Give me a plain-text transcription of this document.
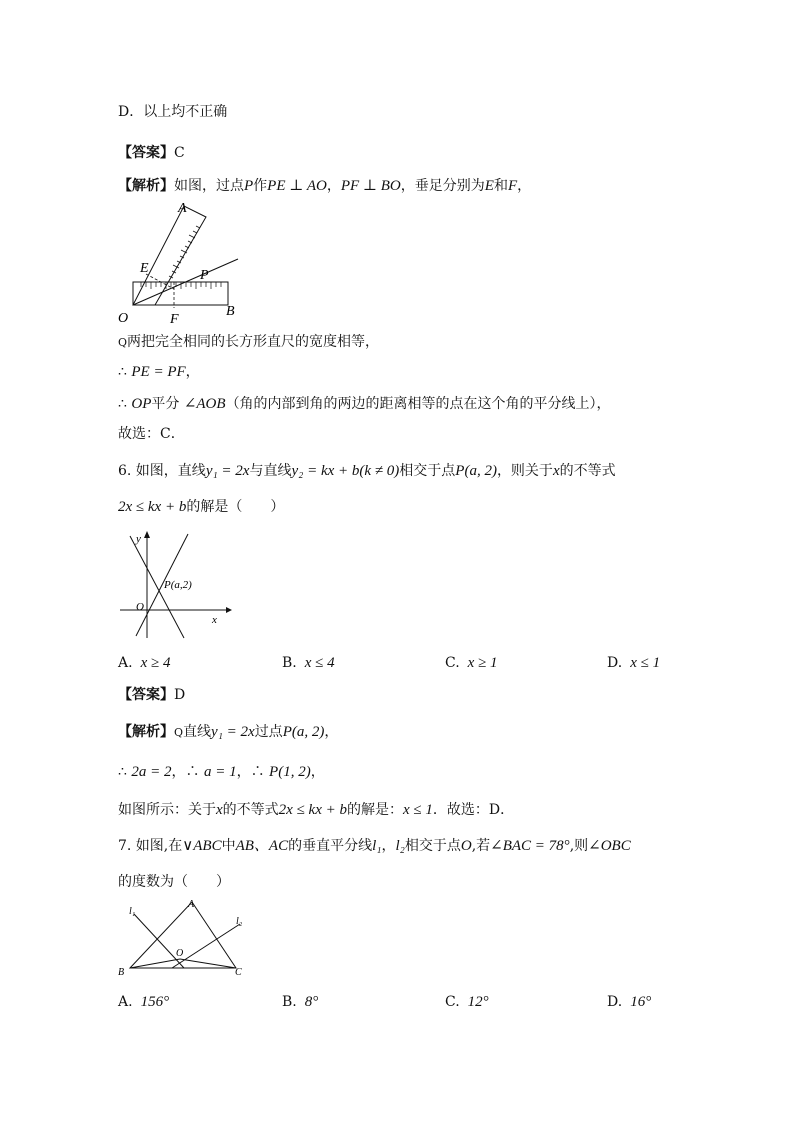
D．以上均不正确
【答案】C
【解析】如图，过点P作PE ⊥ AO，PF ⊥ BO，垂足分别为E和F，
A
E	P
O	F
B
Q两把完全相同的长方形直尺的宽度相等，
∴ PE = PF，
∴ OP平分 ∠AOB（角的内部到角的两边的距离相等的点在这个角的平分线上），
故选：C．
6. 如图，直线y₁ = 2x与直线y₂ = kx + b(k ≠ 0)相交于点P(a, 2)，则关于x的不等式
2x ≤ kx + b的解是（　　）
y
x
O
P(a,2)
A. x ≥ 4	B. x ≤ 4	C. x ≥ 1	D. x ≤ 1
【答案】D
【解析】Q直线y₁ = 2x过点P(a, 2)，
∴ 2a = 2，∴ a = 1，∴ P(1, 2)，
如图所示：关于x的不等式2x ≤ kx + b的解是：x ≤ 1．故选：D．
7. 如图,在∨ABC中AB、AC的垂直平分线l₁，l₂相交于点O,若∠BAC = 78°,则∠OBC
的度数为（　　）
A
B	C
O
l₁
l₂
A. 156°	B. 8°	C. 12°	D. 16°
